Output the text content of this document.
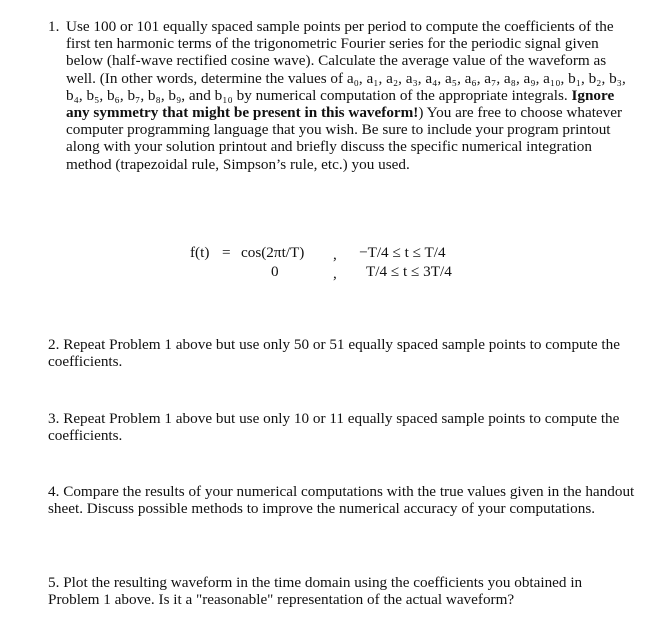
1. Use 100 or 101 equally spaced sample points per period to compute the coefficients of the first ten harmonic terms of the trigonometric Fourier series for the periodic signal given below (half-wave rectified cosine wave). Calculate the average value of the waveform as well. (In other words, determine the values of a₀, a₁, a₂, a₃, a₄, a₅, a₆, a₇, a₈, a₉, a₁₀, b₁, b₂, b₃, b₄, b₅, b₆, b₇, b₈, b₉, and b₁₀ by numerical computation of the appropriate integrals. Ignore any symmetry that might be present in this waveform!) You are free to choose whatever computer programming language that you wish. Be sure to include your program printout along with your solution printout and briefly discuss the specific numerical integration method (trapezoidal rule, Simpson’s rule, etc.) you used.
f(t) = cos(2πt/T) , −T/4 ≤ t ≤ T/4
0	, T/4 ≤ t ≤ 3T/4
2. Repeat Problem 1 above but use only 50 or 51 equally spaced sample points to compute the coefficients.
3. Repeat Problem 1 above but use only 10 or 11 equally spaced sample points to compute the coefficients.
4. Compare the results of your numerical computations with the true values given in the handout sheet. Discuss possible methods to improve the numerical accuracy of your computations.
5. Plot the resulting waveform in the time domain using the coefficients you obtained in Problem 1 above. Is it a "reasonable" representation of the actual waveform?
